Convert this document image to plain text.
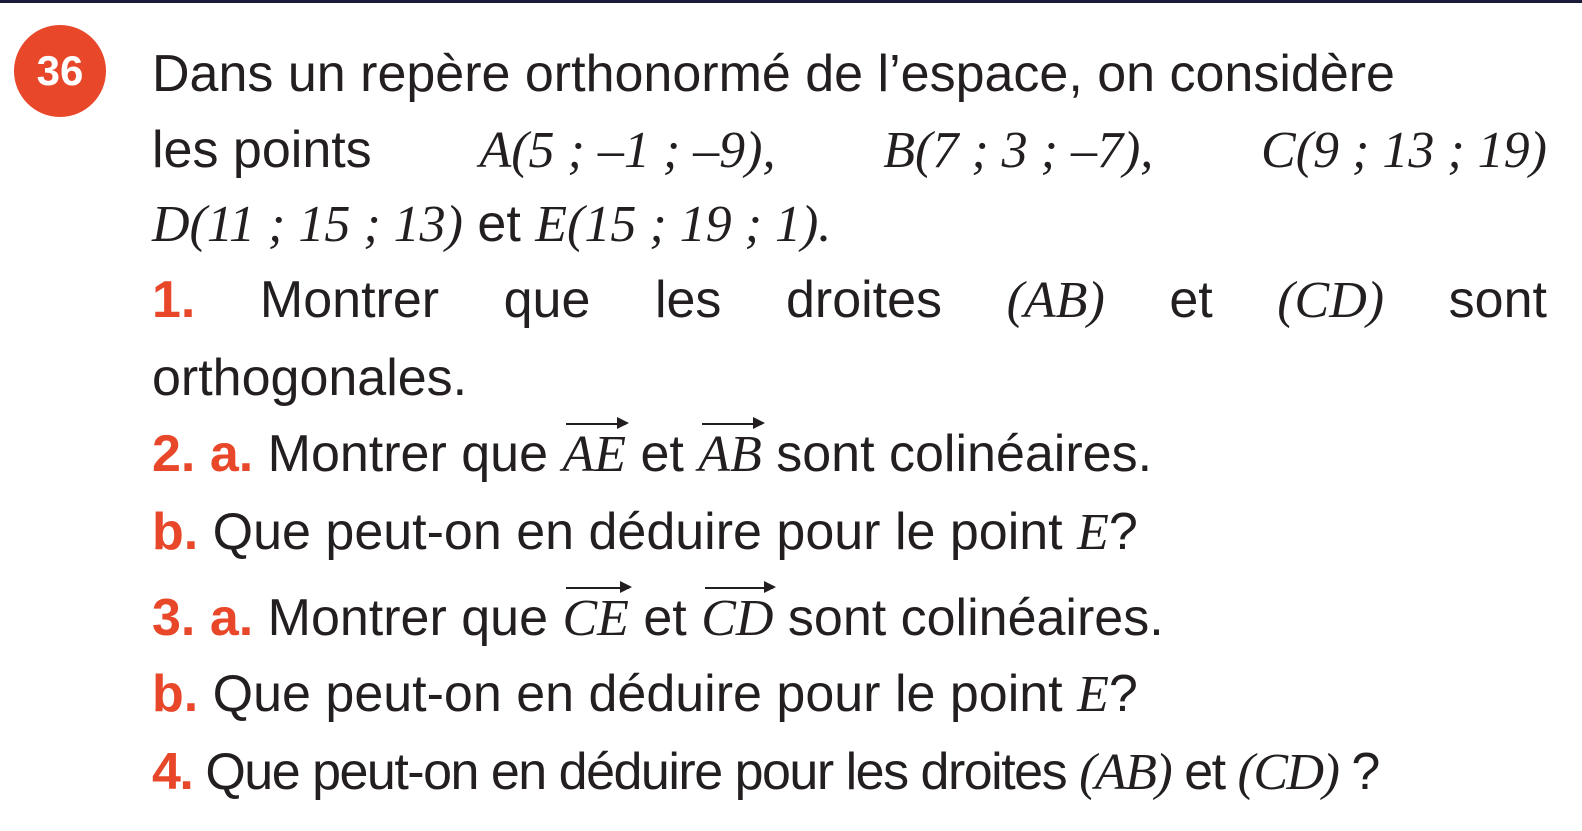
36 Dans un repère orthonormé de l’espace, on considère
les points A(5 ; –1 ; –9), B(7 ; 3 ; –7), C(9 ; 13 ; 19)
D(11 ; 15 ; 13) et E(15 ; 19 ; 1).
1. Montrer que les droites (AB) et (CD) sont
orthogonales.
2. a. Montrer que AE et AB sont colinéaires.
b. Que peut-on en déduire pour le point E?
3. a. Montrer que CE et CD sont colinéaires.
b. Que peut-on en déduire pour le point E?
4. Que peut-on en déduire pour les droites (AB) et (CD) ?
